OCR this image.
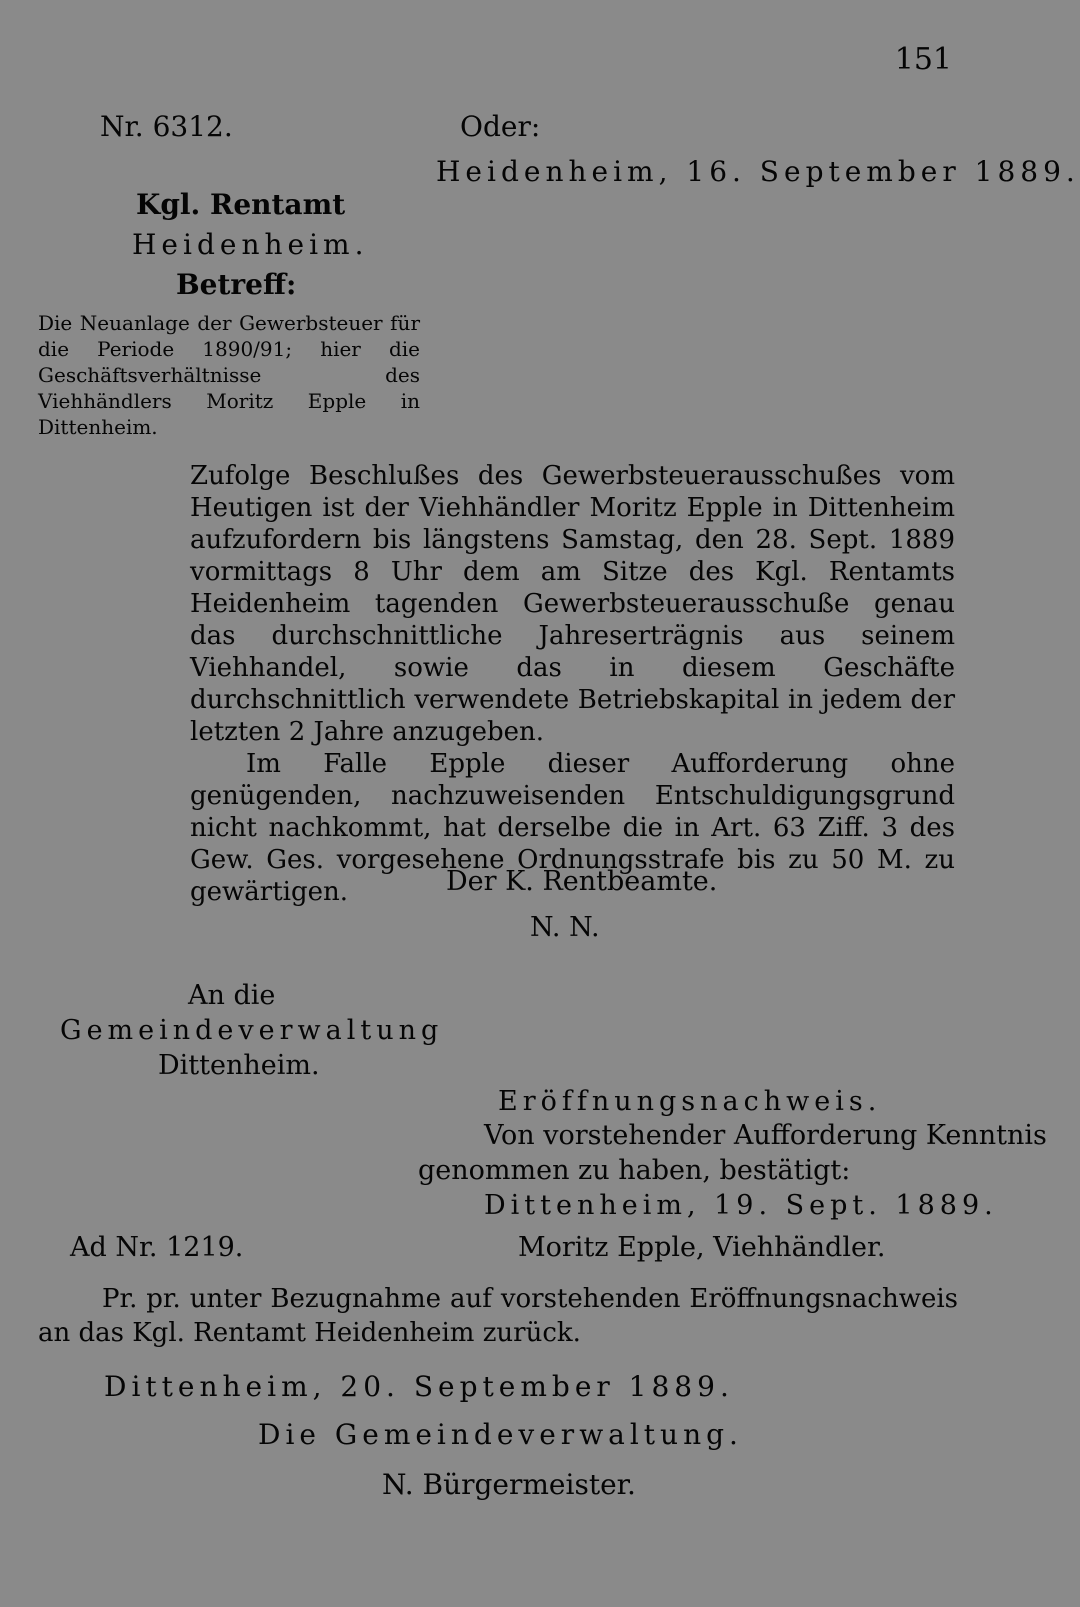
151
Nr. 6312.	Oder:
Heidenheim, 16. September 1889.
Kgl. Rentamt
Heidenheim.
Betreff:
Die Neuanlage der Gewerbsteuer für die Periode 1890/91; hier die Geschäftsverhältnisse des Viehhändlers Moritz Epple in Dittenheim.

Zufolge Beschlußes des Gewerbsteuerausschußes vom Heutigen ist der Viehhändler Moritz Epple in Dittenheim aufzufordern bis längstens Samstag, den 28. Sept. 1889 vormittags 8 Uhr dem am Sitze des Kgl. Rentamts Heidenheim tagenden Gewerbsteuerausschuße genau das durchschnittliche Jahreserträgnis aus seinem Viehhandel, sowie das in diesem Geschäfte durchschnittlich verwendete Betriebskapital in jedem der letzten 2 Jahre anzugeben.

Im Falle Epple dieser Aufforderung ohne genügenden, nachzuweisenden Entschuldigungsgrund nicht nachkommt, hat derselbe die in Art. 63 Ziff. 3 des Gew. Ges. vorgesehene Ordnungsstrafe bis zu 50 M. zu gewärtigen.	Der K. Rentbeamte.
N. N.
An die
Gemeindeverwaltung
Dittenheim.
Eröffnungsnachweis.
Von vorstehender Aufforderung Kenntnis
genommen zu haben, bestätigt:
Dittenheim, 19. Sept. 1889.
Ad Nr. 1219.	Moritz Epple, Viehhändler.
Pr. pr. unter Bezugnahme auf vorstehenden Eröffnungsnachweis an das Kgl. Rentamt Heidenheim zurück.
Dittenheim, 20. September 1889.
Die Gemeindeverwaltung.
N. Bürgermeister.
